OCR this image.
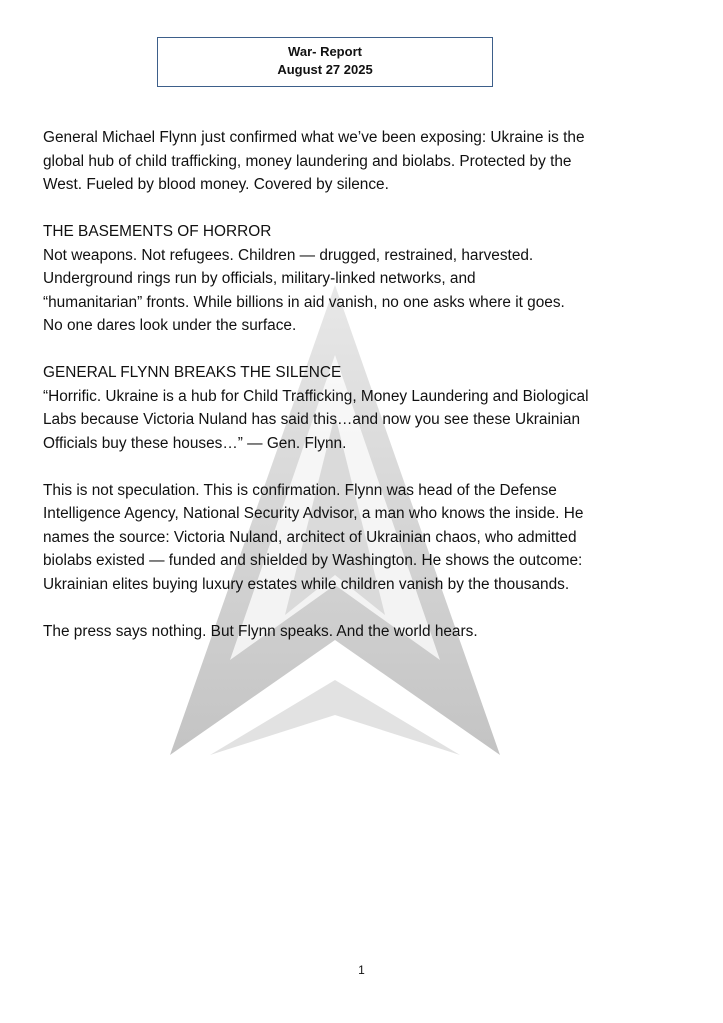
War- Report
August 27 2025

General Michael Flynn just confirmed what we’ve been exposing: Ukraine is the
global hub of child trafficking, money laundering and biolabs. Protected by the
West. Fueled by blood money. Covered by silence.

THE BASEMENTS OF HORROR
Not weapons. Not refugees. Children — drugged, restrained, harvested.
Underground rings run by officials, military-linked networks, and
“humanitarian” fronts. While billions in aid vanish, no one asks where it goes.
No one dares look under the surface.

GENERAL FLYNN BREAKS THE SILENCE
“Horrific. Ukraine is a hub for Child Trafficking, Money Laundering and Biological
Labs because Victoria Nuland has said this…and now you see these Ukrainian
Officials buy these houses…” — Gen. Flynn.

This is not speculation. This is confirmation. Flynn was head of the Defense
Intelligence Agency, National Security Advisor, a man who knows the inside. He
names the source: Victoria Nuland, architect of Ukrainian chaos, who admitted
biolabs existed — funded and shielded by Washington. He shows the outcome:
Ukrainian elites buying luxury estates while children vanish by the thousands.

The press says nothing. But Flynn speaks. And the world hears.

1
